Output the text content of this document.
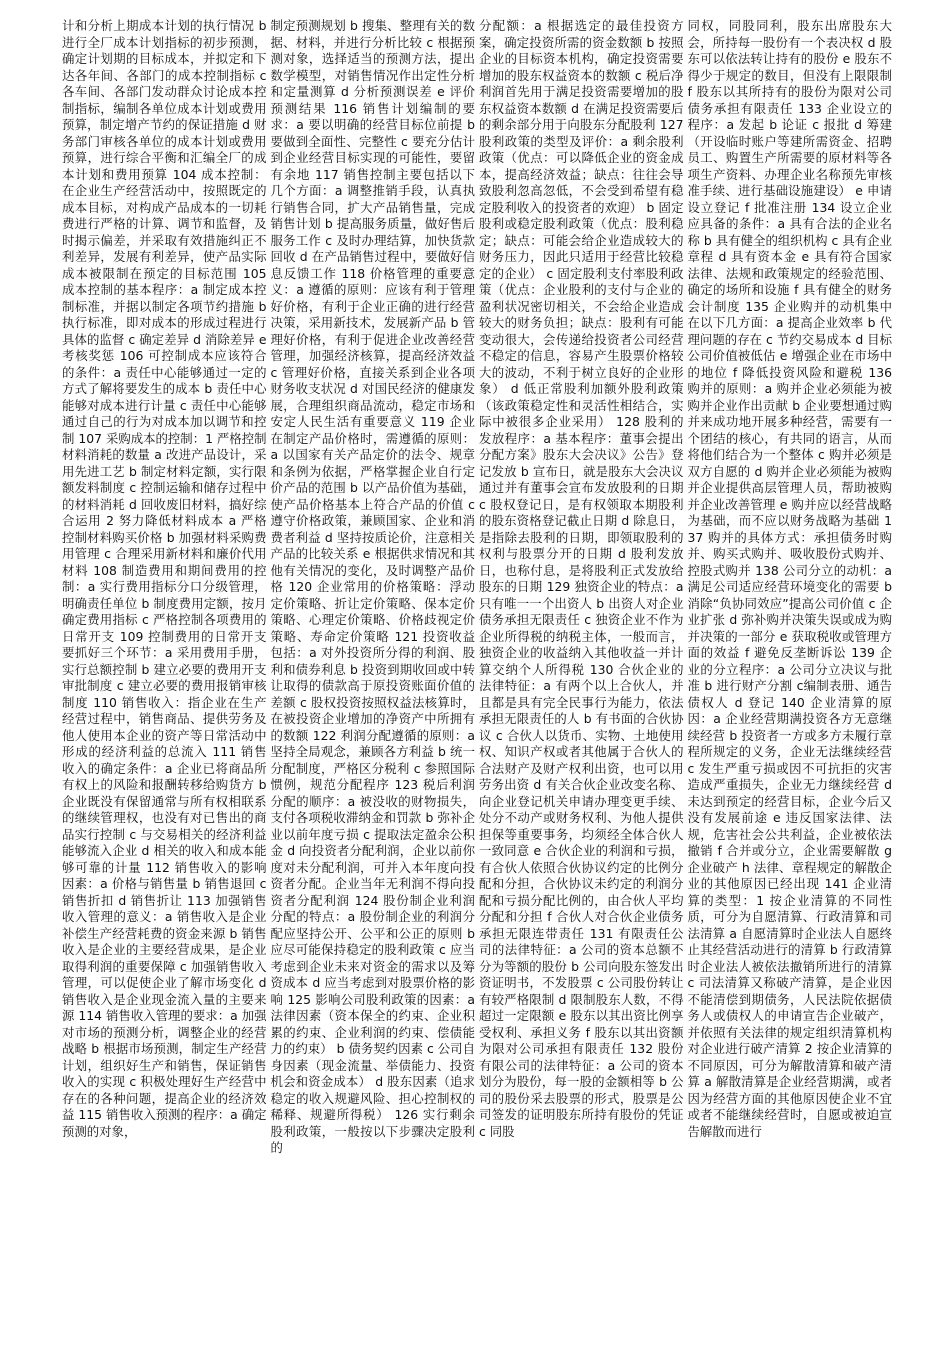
计和分析上期成本计划的执行情况 b 进行全厂成本计划指标的初步预测，确定计划期的目标成本，并拟定和下达各年间、各部门的成本控制指标 c 各车间、各部门发动群众讨论成本控制指标，编制各单位成本计划或费用预算，制定增产节约的保证措施 d 财务部门审核各单位的成本计划或费用预算，进行综合平衡和汇编全厂的成本计划和费用预算 104 成本控制：在企业生产经营活动中，按照既定的成本目标，对构成产品成本的一切耗费进行严格的计算、调节和监督，及时揭示偏差，并采取有效措施纠正不利差异，发展有利差异，使产品实际成本被限制在预定的目标范围 105 成本控制的基本程序：a 制定成本控制标准，并据以制定各项节约措施 b 执行标准，即对成本的形成过程进行具体的监督 c 确定差异 d 消除差异 e 考核奖惩 106 可控制成本应该符合的条件：a 责任中心能够通过一定的方式了解将要发生的成本 b 责任中心能够对成本进行计量 c 责任中心能够通过自己的行为对成本加以调节和控制 107 采购成本的控制：1 严格控制材料消耗的数量 a 改进产品设计，采用先进工艺 b 制定材料定额，实行限额发料制度 c 控制运输和储存过程中的材料消耗 d 回收废旧材料，搞好综合运用 2 努力降低材料成本 a 严格控制材料购买价格 b 加强材料采购费用管理 c 合理采用新材料和廉价代用材料 108 制造费用和期间费用的控制：a 实行费用指标分口分级管理，明确责任单位 b 制度费用定额，按月确定费用指标 c 严格控制各项费用的日常开支 109 控制费用的日常开支要抓好三个环节：a 采用费用手册，实行总额控制 b 建立必要的费用开支审批制度 c 建立必要的费用报销审核制度 110 销售收入：指企业在生产经营过程中，销售商品、提供劳务及他人使用本企业的资产等日常活动中形成的经济利益的总流入 111 销售收入的确定条件：a 企业已将商品所有权上的风险和报酬转移给购货方 b 企业既没有保留通常与所有权相联系的继续管理权，也没有对已售出的商品实行控制 c 与交易相关的经济利益能够流入企业 d 相关的收入和成本能够可靠的计量 112 销售收入的影响因素：a 价格与销售量 b 销售退回 c 销售折扣 d 销售折让 113 加强销售收入管理的意义：a 销售收入是企业补偿生产经营耗费的资金来源 b 销售收入是企业的主要经营成果，是企业取得利润的重要保障 c 加强销售收入管理，可以促使企业了解市场变化 d 销售收入是企业现金流入量的主要来源 114 销售收入管理的要求：a 加强对市场的预测分析，调整企业的经营战略 b 根据市场预测，制定生产经营计划，组织好生产和销售，保证销售收入的实现 c 积极处理好生产经营中存在的各种问题，提高企业的经济效益 115 销售收入预测的程序：a 确定预测的对象，

制定预测规划 b 搜集、整理有关的数据、材料，并进行分析比较 c 根据预测对象，选择适当的预测方法，提出数学模型，对销售情况作出定性分析和定量测算 d 分析预测误差 e 评价预测结果 116 销售计划编制的要求：a 要以明确的经营目标位前提 b 要做到全面性、完整性 c 要充分估计到企业经营目标实现的可能性，要留有余地 117 销售控制主要包括以下几个方面：a 调整推销手段，认真执行销售合同，扩大产品销售量，完成销售计划 b 提高服务质量，做好售后服务工作 c 及时办理结算，加快货款回收 d 在产品销售过程中，要做好信息反馈工作 118 价格管理的重要意义：a 遵循的原则：应该有利于管理好价格，有利于企业正确的进行经营决策，采用新技术，发展新产品 b 管理好价格，有利于促进企业改善经营管理，加强经济核算，提高经济效益 c 管理好价格，直接关系到企业各项财务收支状况 d 对国民经济的健康发展，合理组织商品流动，稳定市场和安定人民生活有重要意义 119 企业在制定产品价格时，需遵循的原则：a 以国家有关产品定价的法令、规章和条例为依据，严格掌握企业自行定价产品的范围 b 以产品价值为基础，使产品价格基本上符合产品的价值 c 遵守价格政策，兼顾国家、企业和消费者利益 d 坚持按质论价，注意相关产品的比较关系 e 根据供求情况和其他有关情况的变化，及时调整产品价格 120 企业常用的价格策略：浮动定价策略、折让定价策略、保本定价策略、心理定价策略、价格歧视定价策略、寿命定价策略 121 投资收益包括：a 对外投资所分得的利润、股利和债券利息 b 投资到期收回或中转让取得的债款高于原投资账面价值的差额 c 股权投资按照权益法核算时，在被投资企业增加的净资产中所拥有的数额 122 利润分配遵循的原则：a 坚持全局观念，兼顾各方利益 b 统一分配制度，严格区分税利 c 参照国际惯例，规范分配程序 123 税后利润分配的顺序：a 被没收的财物损失，支付各项税收滞纳金和罚款 b 弥补企业以前年度亏损 c 提取法定盈余公积金 d 向投资者分配利润，企业以前你度对未分配利润，可并入本年度向投资者分配。企业当年无利润不得向投资者分配利润 124 股份制企业利润分配的特点：a 股份制企业的利润分配应坚持公开、公平和公正的原则 b 应尽可能保持稳定的股利政策 c 应当考虑到企业未来对资金的需求以及筹资成本 d 应当考虑到对股票价格的影响 125 影响公司股利政策的因素：a 法律因素（资本保全的约束、企业积累的约束、企业利润的约束、偿债能力的约束） b 债务契约因素 c 公司自身因素（现金流量、举债能力、投资机会和资金成本） d 股东因素（追求稳定的收入规避风险、担心控制权的稀释、规避所得税） 126 实行剩余股利政策，一般按以下步骤决定股利的

分配额：a 根据选定的最佳投资方案，确定投资所需的资金数额 b 按照企业的目标资本机构，确定投资需要增加的股东权益资本的数额 c 税后净利润首先用于满足投资需要增加的股东权益资本数额 d 在满足投资需要后的剩余部分用于向股东分配股利 127 股利政策的类型及评价：a 剩余股利政策（优点：可以降低企业的资金成本，提高经济效益；缺点：往往会导致股利忽高忽低，不会受到希望有稳定股利收入的投资者的欢迎） b 固定股利或稳定股利政策（优点：股利稳定；缺点：可能会给企业造成较大的财务压力，因此只适用于经营比较稳定的企业） c 固定股利支付率股利政策（优点：企业股利的支付与企业的盈利状况密切相关，不会给企业造成较大的财务负担；缺点：股利有可能变动很大，会传递给投资者公司经营不稳定的信息，容易产生股票价格较大的波动，不利于树立良好的企业形象） d 低正常股利加额外股利政策（该政策稳定性和灵活性相结合，实际中被很多企业采用） 128 股利的发放程序：a 基本程序：董事会提出分配方案》股东大会决议》公告》登记发放 b 宣布日，就是股东大会决议通过并有董事会宣布发放股利的日期 c 股权登记日，是有权领取本期股利的股东资格登记截止日期 d 除息日，是指除去股利的日期，即领取股利的权利与股票分开的日期 d 股利发放日，也称付息，是将股利正式发放给股东的日期 129 独资企业的特点：a 只有唯一一个出资人 b 出资人对企业债务承担无限责任 c 独资企业不作为企业所得税的纳税主体，一般而言，独资企业的收益纳入其他收益一并计算交纳个人所得税 130 合伙企业的法律特征：a 有两个以上合伙人，并且都是具有完全民事行为能力，依法承担无限责任的人 b 有书面的合伙协议 c 合伙人以货币、实物、土地使用权、知识产权或者其他属于合伙人的合法财产及财产权利出资，也可以用劳务出资 d 有关合伙企业改变名称、向企业登记机关申请办理变更手续、处分不动产或财务权利、为他人提供担保等重要事务，均须经全体合伙人一致同意 e 合伙企业的利润和亏损，有合伙人依照合伙协议约定的比例分配和分担，合伙协议未约定的利润分配和亏损分配比例的，由合伙人平均分配和分担 f 合伙人对合伙企业债务承担无限连带责任 131 有限责任公司的法律特征：a 公司的资本总额不分为等额的股份 b 公司向股东签发出资证明书，不发股票 c 公司股份转让有较严格限制 d 限制股东人数，不得超过一定限额 e 股东以其出资比例享受权利、承担义务 f 股东以其出资额为限对公司承担有限责任 132 股份有限公司的法律特征：a 公司的资本划分为股份，每一股的金额相等 b 公司的股份采去股票的形式，股票是公司签发的证明股东所持有股份的凭证 c 同股

同权，同股同利，股东出席股东大会，所持每一股份有一个表决权 d 股东可以依法转让持有的股份 e 股东不得少于规定的数目，但没有上限限制 f 股东以其所持有的股份为限对公司债务承担有限责任 133 企业设立的程序：a 发起 b 论证 c 报批 d 筹建（开设临时账户等建所需资金、招聘员工、购置生产所需要的原材料等各项生产资料、办理企业名称预先审核准手续、进行基础设施建设） e 申请设立登记 f 批准注册 134 设立企业应具备的条件：a 具有合法的企业名称 b 具有健全的组织机构 c 具有企业章程 d 具有资本金 e 具有符合国家法律、法规和政策规定的经验范围、确定的场所和设施 f 具有健全的财务会计制度 135 企业购并的动机集中在以下几方面：a 提高企业效率 b 代理问题的存在 c 节约交易成本 d 目标公司价值被低估 e 增强企业在市场中的地位 f 降低投资风险和避税 136 购并的原则：a 购并企业必须能为被购并企业作出贡献 b 企业要想通过购并来成功地开展多种经营，需要有一个团结的核心，有共同的语言，从而将他们结合为一个整体 c 购并必须是双方自愿的 d 购并企业必须能为被购并企业提供高层管理人员，帮助被购并企业改善管理 e 购并应以经营战略为基础，而不应以财务战略为基础 137 购并的具体方式：承担债务时购并、购买式购并、吸收股份式购并、控股式购并 138 公司分立的动机：a 满足公司适应经营环境变化的需要 b 消除“负协同效应”提高公司价值 c 企业扩张 d 弥补购并决策失误或成为购并决策的一部分 e 获取税收或管理方面的效益 f 避免反垄断诉讼 139 企业的分立程序：a 公司分立决议与批准 b 进行财产分割 c编制表册、通告债权人 d 登记 140 企业清算的原因：a 企业经营期满投资各方无意继续经营 b 投资者一方或多方未履行章程所规定的义务，企业无法继续经营 c 发生严重亏损或因不可抗拒的灾害造成严重损失，企业无力继续经营 d 未达到预定的经营目标，企业今后又没有发展前途 e 违反国家法律、法规，危害社会公共利益，企业被依法撤销 f 合并或分立，企业需要解散 g 企业破产 h 法律、章程规定的解散企业的其他原因已经出现 141 企业清算的类型：1 按企业清算的不同性质，可分为自愿清算、行政清算和司法清算 a 自愿清算时企业法人自愿终止其经营活动进行的清算 b 行政清算时企业法人被依法撤销所进行的清算 c 司法清算又称破产清算，是企业因不能清偿到期债务，人民法院依据债务人或债权人的申请宣告企业破产，并依照有关法律的规定组织清算机构对企业进行破产清算 2 按企业清算的不同原因，可分为解散清算和破产清算 a 解散清算是企业经营期满，或者因为经营方面的其他原因使企业不宜或者不能继续经营时，自愿或被迫宣告解散而进行
